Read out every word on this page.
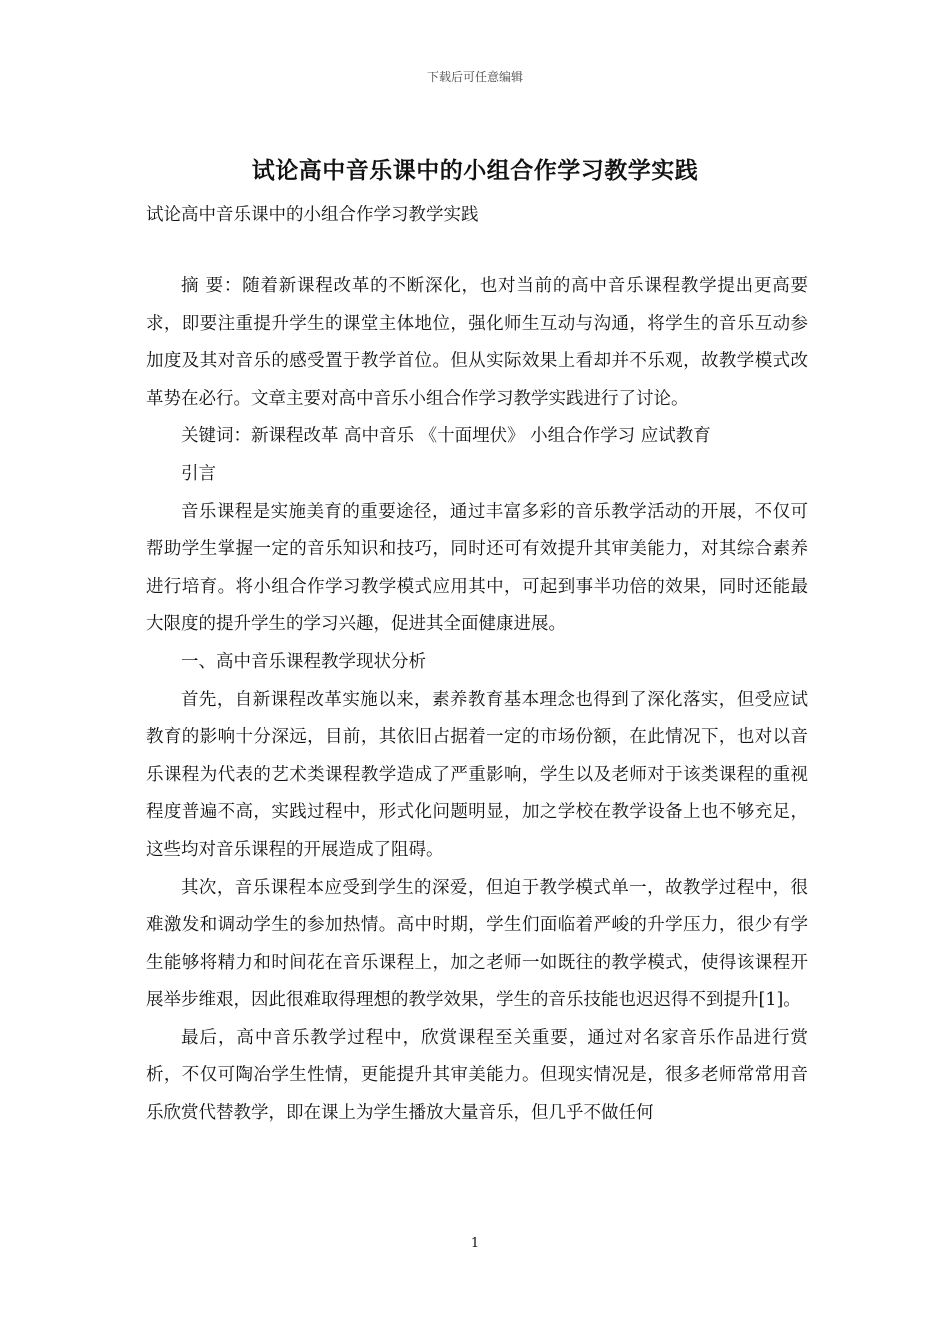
下载后可任意编辑
试论高中音乐课中的小组合作学习教学实践
试论高中音乐课中的小组合作学习教学实践

摘 要：随着新课程改革的不断深化，也对当前的高中音乐课程教学提出更高要求，即要注重提升学生的课堂主体地位，强化师生互动与沟通，将学生的音乐互动参加度及其对音乐的感受置于教学首位。但从实际效果上看却并不乐观，故教学模式改革势在必行。文章主要对高中音乐小组合作学习教学实践进行了讨论。

关键词：新课程改革 高中音乐 《十面埋伏》 小组合作学习 应试教育

引言

音乐课程是实施美育的重要途径，通过丰富多彩的音乐教学活动的开展，不仅可帮助学生掌握一定的音乐知识和技巧，同时还可有效提升其审美能力，对其综合素养进行培育。将小组合作学习教学模式应用其中，可起到事半功倍的效果，同时还能最大限度的提升学生的学习兴趣，促进其全面健康进展。

一、高中音乐课程教学现状分析

首先，自新课程改革实施以来，素养教育基本理念也得到了深化落实，但受应试教育的影响十分深远，目前，其依旧占据着一定的市场份额，在此情况下，也对以音乐课程为代表的艺术类课程教学造成了严重影响，学生以及老师对于该类课程的重视程度普遍不高，实践过程中，形式化问题明显，加之学校在教学设备上也不够充足，这些均对音乐课程的开展造成了阻碍。

其次，音乐课程本应受到学生的深爱，但迫于教学模式单一，故教学过程中，很难激发和调动学生的参加热情。高中时期，学生们面临着严峻的升学压力，很少有学生能够将精力和时间花在音乐课程上，加之老师一如既往的教学模式，使得该课程开展举步维艰，因此很难取得理想的教学效果，学生的音乐技能也迟迟得不到提升[1]。

最后，高中音乐教学过程中，欣赏课程至关重要，通过对名家音乐作品进行赏析，不仅可陶冶学生性情，更能提升其审美能力。但现实情况是，很多老师常常用音乐欣赏代替教学，即在课上为学生播放大量音乐，但几乎不做任何

1
